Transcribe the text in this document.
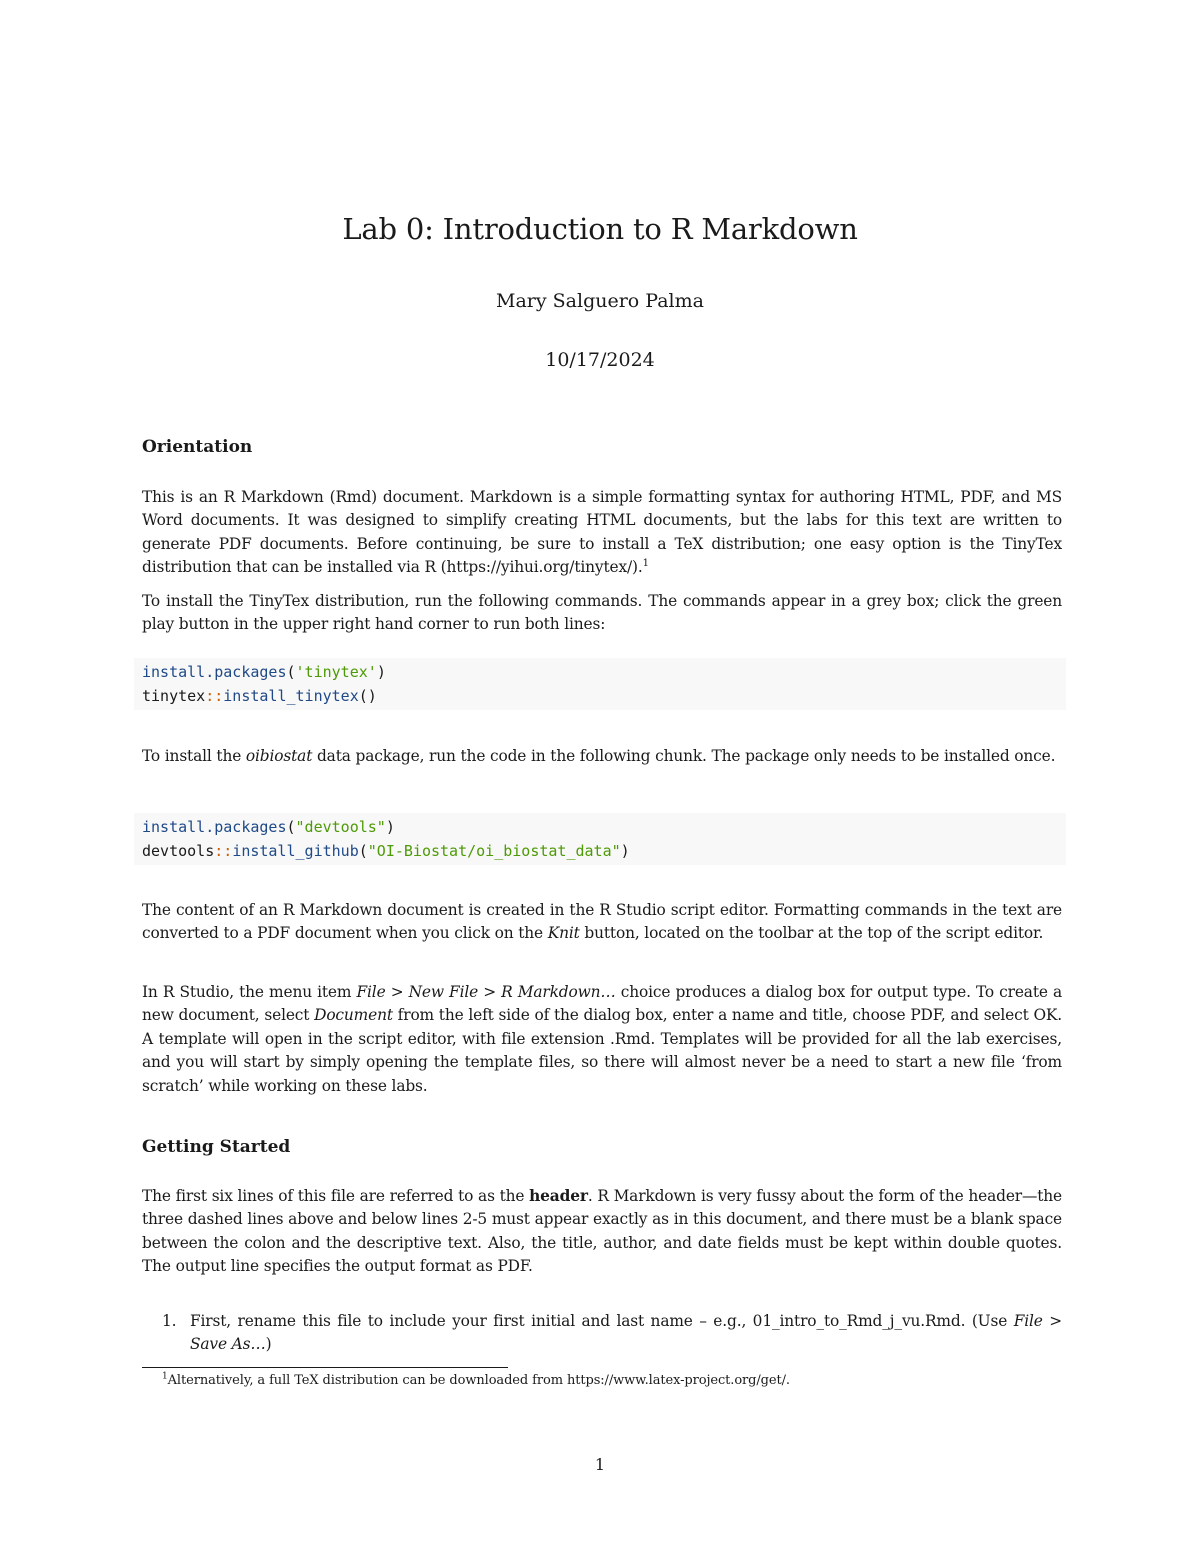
Lab 0: Introduction to R Markdown
Mary Salguero Palma
10/17/2024
Orientation

This is an R Markdown (Rmd) document. Markdown is a simple formatting syntax for authoring HTML, PDF, and MS Word documents. It was designed to simplify creating HTML documents, but the labs for this text are written to generate PDF documents. Before continuing, be sure to install a TeX distribution; one easy option is the TinyTex distribution that can be installed via R (https://yihui.org/tinytex/).$^1$

To install the TinyTex distribution, run the following commands. The commands appear in a grey box; click the green play button in the upper right hand corner to run both lines:

install.packages('tinytex')
tinytex::install_tinytex()

To install the oibiostat data package, run the code in the following chunk. The package only needs to be installed once.

install.packages("devtools")
devtools::install_github("OI-Biostat/oi_biostat_data")

The content of an R Markdown document is created in the R Studio script editor. Formatting commands in the text are converted to a PDF document when you click on the Knit button, located on the toolbar at the top of the script editor.

In R Studio, the menu item File > New File > R Markdown… choice produces a dialog box for output type. To create a new document, select Document from the left side of the dialog box, enter a name and title, choose PDF, and select OK. A template will open in the script editor, with file extension .Rmd. Templates will be provided for all the lab exercises, and you will start by simply opening the template files, so there will almost never be a need to start a new file ‘from scratch’ while working on these labs.

Getting Started

The first six lines of this file are referred to as the header. R Markdown is very fussy about the form of the header—the three dashed lines above and below lines 2-5 must appear exactly as in this document, and there must be a blank space between the colon and the descriptive text. Also, the title, author, and date fields must be kept within double quotes. The output line specifies the output format as PDF.

1. First, rename this file to include your first initial and last name – e.g., 01_intro_to_Rmd_j_vu.Rmd. (Use File > Save As…)
$^1$Alternatively, a full TeX distribution can be downloaded from https://www.latex-project.org/get/.
1
